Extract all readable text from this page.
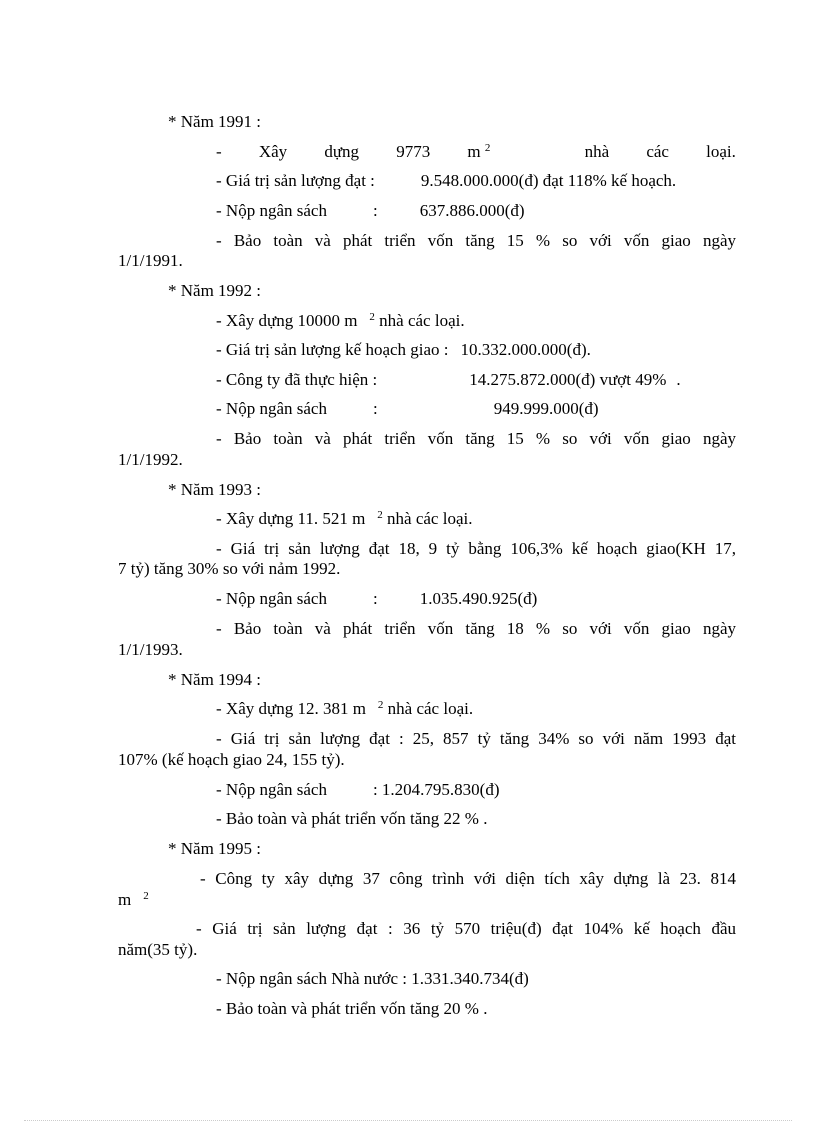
* Năm 1991 :
- Xây dựng 9773 m $^2$	nhà các loại.
- Giá trị sản lượng đạt :	9.548.000.000(đ) đạt 118% kế hoạch.
- Nộp ngân sách	: 637.886.000(đ)
- Bảo toàn và phát triển vốn tăng 15 % so với vốn giao ngày
1/1/1991.
* Năm 1992 :
- Xây dựng 10000 m $^2$ nhà các loại.
- Giá trị sản lượng kế hoạch giao : 10.332.000.000(đ).
- Công ty đã thực hiện :	14.275.872.000(đ) vượt 49% .
- Nộp ngân sách	:	949.999.000(đ)
- Bảo toàn và phát triển vốn tăng 15 % so với vốn giao ngày
1/1/1992.
* Năm 1993 :
- Xây dựng 11. 521 m $^2$ nhà các loại.
- Giá trị sản lượng đạt 18, 9 tỷ bằng 106,3% kế hoạch giao(KH 17,
7 tỷ) tăng 30% so với nảm 1992.
- Nộp ngân sách	: 1.035.490.925(đ)
- Bảo toàn và phát triển vốn tăng 18 % so với vốn giao ngày
1/1/1993.
* Năm 1994 :
- Xây dựng 12. 381 m $^2$ nhà các loại.
- Giá trị sản lượng đạt : 25, 857 tỷ tăng 34% so với năm 1993 đạt
107% (kế hoạch giao 24, 155 tỷ).
- Nộp ngân sách	: 1.204.795.830(đ)
- Bảo toàn và phát triển vốn tăng 22 % .
* Năm 1995 :
- Công ty xây dựng 37 công trình với diện tích xây dựng là 23. 814
m $^2$
- Giá trị sản lượng đạt : 36 tỷ 570 triệu(đ) đạt 104% kế hoạch đầu
năm(35 tỷ).
- Nộp ngân sách Nhà nước : 1.331.340.734(đ)
- Bảo toàn và phát triển vốn tăng 20 % .
